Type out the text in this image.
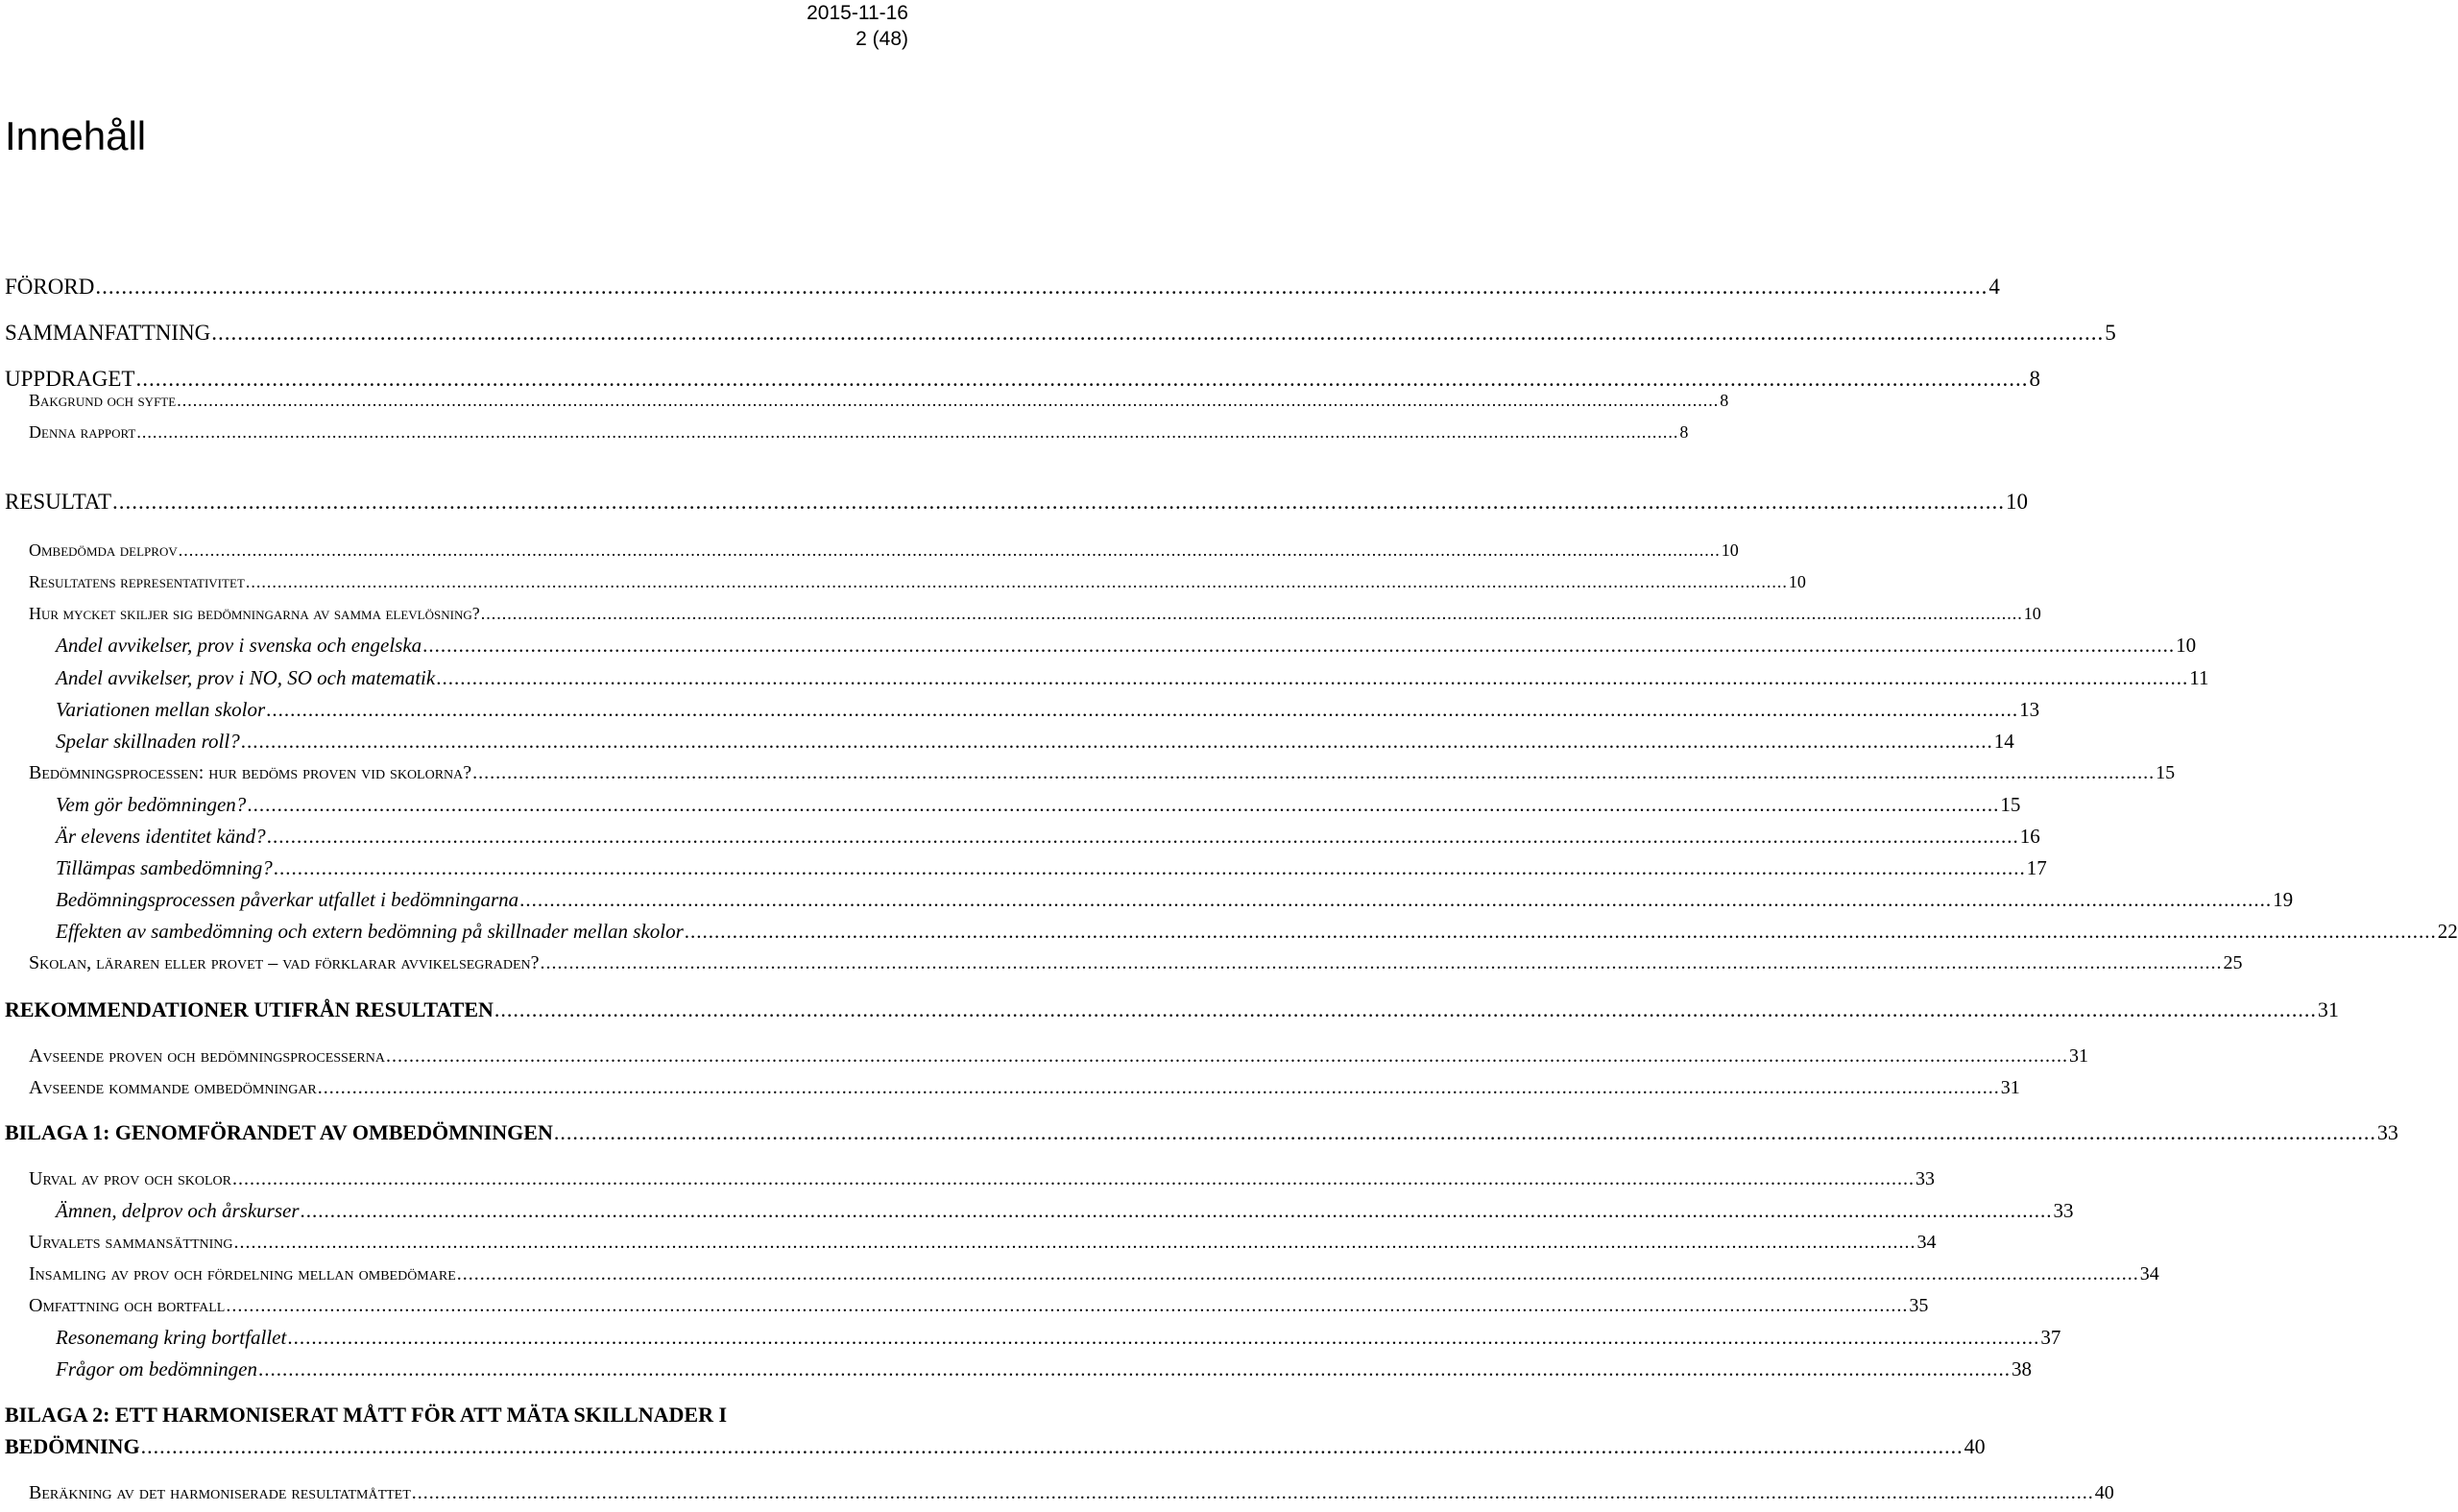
2015-11-16
2 (48)
Innehåll
FÖRORD .....	4
SAMMANFATTNING .....	5
UPPDRAGET .....	8
Bakgrund och syfte .....	8
Denna rapport .....	8
RESULTAT .....	10
Ombedömda delprov .....	10
Resultatens representativitet .....	10
Hur mycket skiljer sig bedömningarna av samma elevlösning? .....	10
Andel avvikelser, prov i svenska och engelska .....	10
Andel avvikelser, prov i NO, SO och matematik .....	11
Variationen mellan skolor .....	13
Spelar skillnaden roll? .....	14
Bedömningsprocessen: hur bedöms proven vid skolorna? .....	15
Vem gör bedömningen? .....	15
Är elevens identitet känd? .....	16
Tillämpas sambedömning? .....	17
Bedömningsprocessen påverkar utfallet i bedömningarna .....	19
Effekten av sambedömning och extern bedömning på skillnader mellan skolor .....	22
Skolan, läraren eller provet – vad förklarar avvikelsegraden? .....	25
REKOMMENDATIONER UTIFRÅN RESULTATEN .....	31
Avseende proven och bedömningsprocesserna .....	31
Avseende kommande ombedömningar .....	31
BILAGA 1: GENOMFÖRANDET AV OMBEDÖMNINGEN .....	33
Urval av prov och skolor .....	33
Ämnen, delprov och årskurser .....	33
Urvalets sammansättning .....	34
Insamling av prov och fördelning mellan ombedömare .....	34
Omfattning och bortfall .....	35
Resonemang kring bortfallet .....	37
Frågor om bedömningen .....	38
BILAGA 2: ETT HARMONISERAT MÅTT FÖR ATT MÄTA SKILLNADER I
BEDÖMNING .....	40
Beräkning av det harmoniserade resultatmåttet .....	40
